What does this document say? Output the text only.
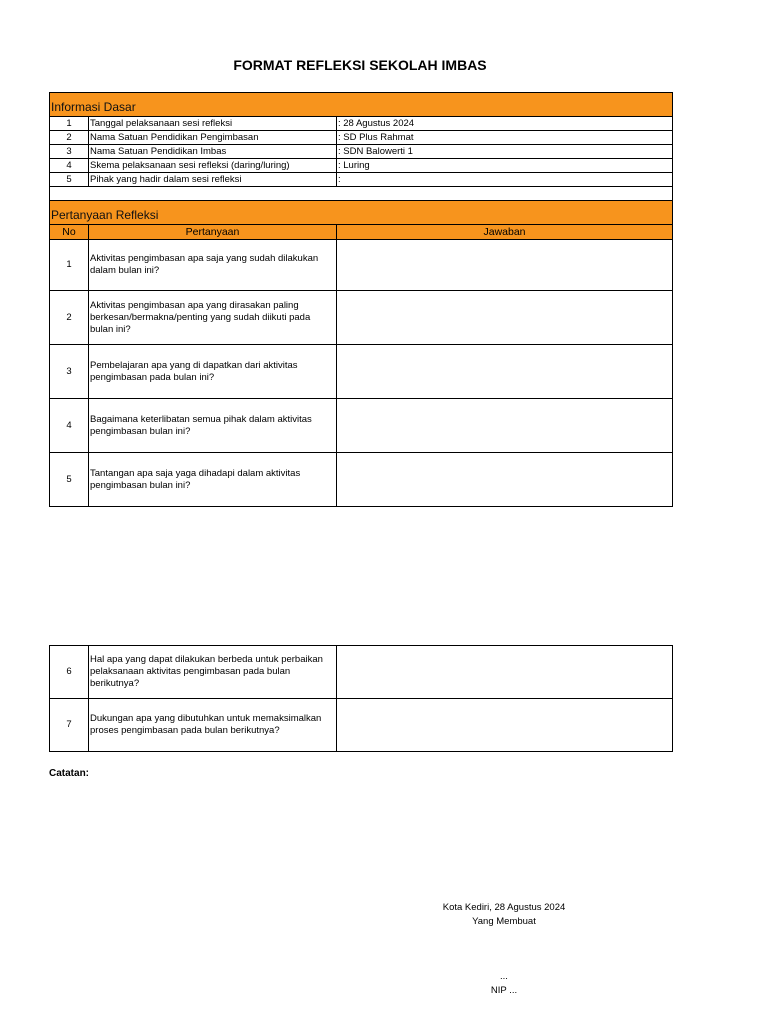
FORMAT REFLEKSI SEKOLAH IMBAS
Informasi Dasar		
1	Tanggal pelaksanaan sesi refleksi	: 28 Agustus 2024
2	Nama Satuan Pendidikan Pengimbasan	: SD Plus Rahmat
3	Nama Satuan Pendidikan Imbas	: SDN Balowerti 1
4	Skema pelaksanaan sesi refleksi (daring/luring)	: Luring
5	Pihak yang hadir dalam sesi refleksi	:

Pertanyaan Refleksi		
No	Pertanyaan	Jawaban
1	Aktivitas pengimbasan apa saja yang sudah dilakukan dalam bulan ini?	
2	Aktivitas pengimbasan apa yang dirasakan paling berkesan/bermakna/penting yang sudah diikuti pada bulan ini?	
3	Pembelajaran apa yang di dapatkan dari aktivitas pengimbasan pada bulan ini?	
4	Bagaimana keterlibatan semua pihak dalam aktivitas pengimbasan bulan ini?	
5	Tantangan apa saja yaga dihadapi dalam aktivitas pengimbasan bulan ini?	
6	Hal apa yang dapat dilakukan berbeda untuk perbaikan pelaksanaan aktivitas pengimbasan pada bulan berikutnya?	
7	Dukungan apa yang dibutuhkan untuk memaksimalkan proses pengimbasan pada bulan berikutnya?	
Catatan:
Kota Kediri, 28 Agustus 2024
Yang Membuat
...
NIP ...
